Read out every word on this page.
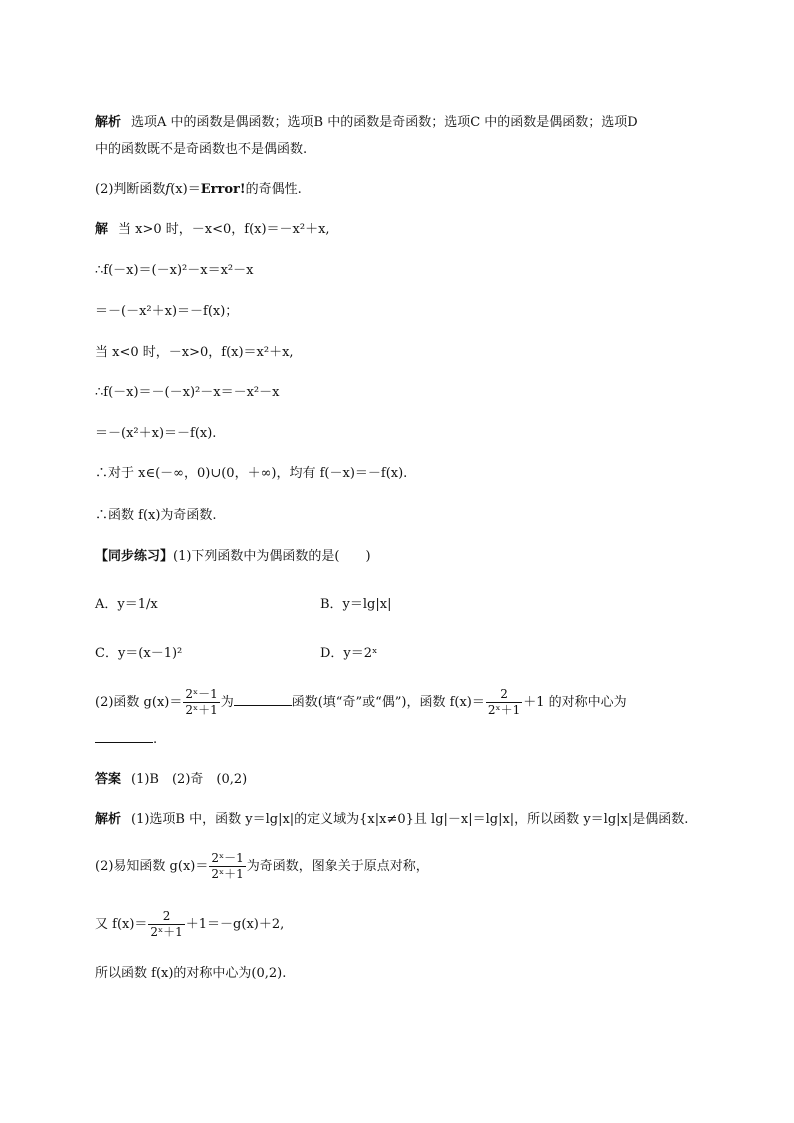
解析 选项A 中的函数是偶函数；选项B 中的函数是奇函数；选项C 中的函数是偶函数；选项D
中的函数既不是奇函数也不是偶函数.
(2)判断函数f(x)＝Error!的奇偶性.
解 当 x>0 时，－x<0，f(x)＝－x²＋x,
∴f(－x)＝(－x)²－x＝x²－x
＝－(－x²＋x)＝－f(x)；
当 x<0 时，－x>0，f(x)＝x²＋x,
∴f(－x)＝－(－x)²－x＝－x²－x
＝－(x²＋x)＝－f(x).
∴对于 x∈(－∞，0)∪(0，＋∞)，均有 f(－x)＝－f(x).
∴函数 f(x)为奇函数.
【同步练习】(1)下列函数中为偶函数的是(　　)
A．y＝1/x	B．y＝lg|x|
C．y＝(x－1)²	D．y＝2ˣ
(2)函数 $g(x)= \frac{\text{2ˣ－1}}{\text{2ˣ＋1}}$ 为	函数(填“奇”或“偶”)，函数 $f(x)= \frac{2}{\text{2ˣ＋1}} +1$ 的对称中心为
.
答案 (1)B　(2)奇　(0,2)
解析 (1)选项B 中，函数 y＝lg|x|的定义域为{x|x≠0}且 lg|－x|＝lg|x|，所以函数 y＝lg|x|是偶函数.
(2)易知函数 $g(x)= \frac{\text{2ˣ－1}}{\text{2ˣ＋1}}$ 为奇函数，图象关于原点对称，
又 $f(x)= \frac{2}{\text{2ˣ＋1}} +1=-g(x)+2$,
所以函数 f(x)的对称中心为(0,2).
